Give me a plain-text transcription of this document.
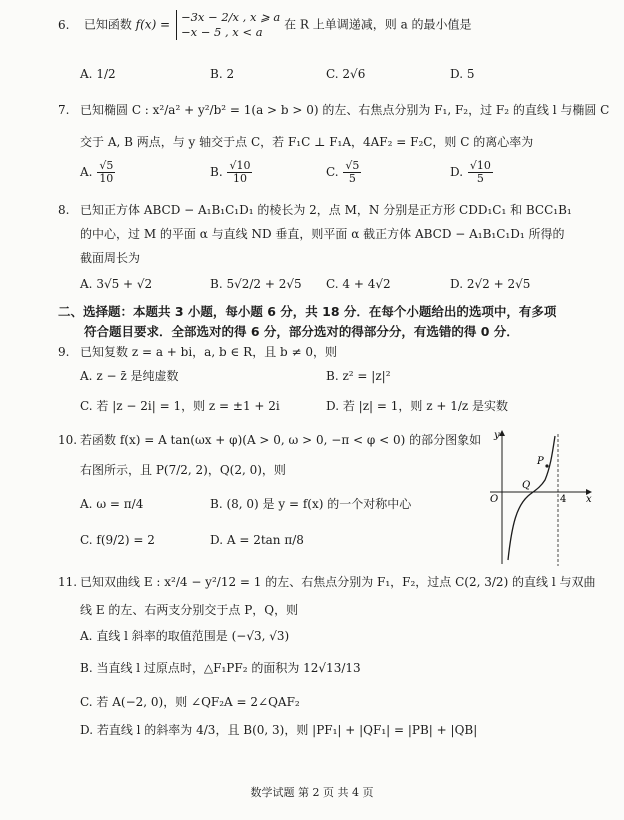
6. 已知函数 f(x) =
−3x − 2/x , x ⩾ a
−x − 5 , x < a
在 R 上单调递减，则 a 的最小值是
A. 1/2	B. 2	C. 2√6	D. 5
7. 已知椭圆 C : x²/a² + y²/b² = 1(a > b > 0) 的左、右焦点分别为 F₁, F₂，过 F₂ 的直线 l 与椭圆 C
交于 A, B 两点，与 y 轴交于点 C，若 F₁C ⊥ F₁A，4AF₂ = F₂C，则 C 的离心率为
A. $\frac{√5}{10}$	B. $\frac{√10}{10}$	C. $\frac{√5}{5}$	D. $\frac{√10}{5}$
8. 已知正方体 ABCD − A₁B₁C₁D₁ 的棱长为 2，点 M，N 分别是正方形 CDD₁C₁ 和 BCC₁B₁
的中心，过 M 的平面 α 与直线 ND 垂直，则平面 α 截正方体 ABCD − A₁B₁C₁D₁ 所得的
截面周长为
A. 3√5 + √2	B. 5√2/2 + 2√5 C. 4 + 4√2	D. 2√2 + 2√5
二、选择题：本题共 3 小题，每小题 6 分，共 18 分．在每个小题给出的选项中，有多项
符合题目要求．全部选对的得 6 分，部分选对的得部分分，有选错的得 0 分．
9. 已知复数 z = a + bi，a, b ∈ R，且 b ≠ 0，则
A. z − z̄ 是纯虚数	B. z² = |z|²
C. 若 |z − 2i| = 1，则 z = ±1 + 2i	D. 若 |z| = 1，则 z + 1/z 是实数
10. 若函数 f(x) = A tan(ωx + φ)(A > 0, ω > 0, −π < φ < 0) 的部分图象如
右图所示，且 P(7/2, 2)，Q(2, 0)，则
A. ω = π/4	B. (8, 0) 是 y = f(x) 的一个对称中心
C. f(9/2) = 2	D. A = 2tan π/8
y
x
O
P
Q
4
11. 已知双曲线 E : x²/4 − y²/12 = 1 的左、右焦点分别为 F₁，F₂，过点 C(2, 3/2) 的直线 l 与双曲
线 E 的左、右两支分别交于点 P，Q，则
A. 直线 l 斜率的取值范围是 (−√3, √3)
B. 当直线 l 过原点时，△F₁PF₂ 的面积为 12√13/13
C. 若 A(−2, 0)，则 ∠QF₂A = 2∠QAF₂
D. 若直线 l 的斜率为 4/3，且 B(0, 3)，则 |PF₁| + |QF₁| = |PB| + |QB|
数学试题 第 2 页 共 4 页
